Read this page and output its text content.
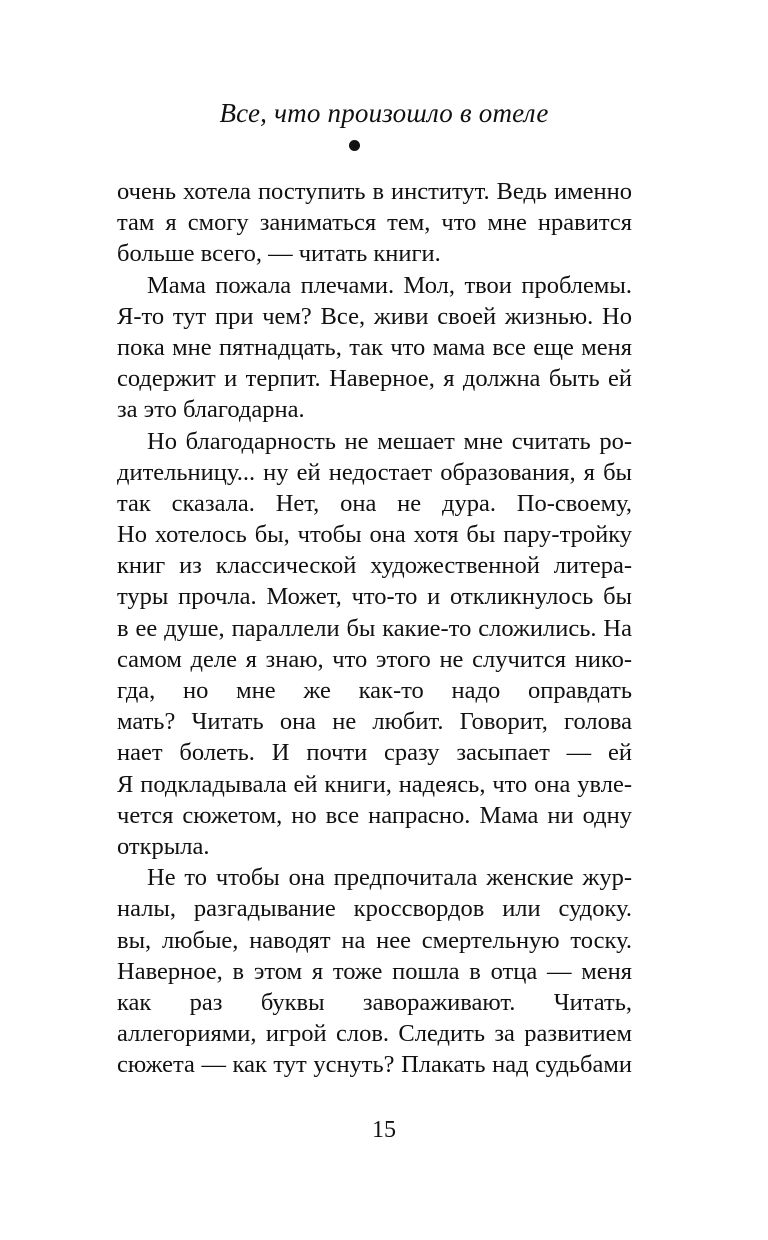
Все, что произошло в отеле
очень хотела поступить в институт. Ведь именно
там я смогу заниматься тем, что мне нравится
больше всего, — читать книги.
Мама пожала плечами. Мол, твои проблемы.
Я-то тут при чем? Все, живи своей жизнью. Но
пока мне пятнадцать, так что мама все еще меня
содержит и терпит. Наверное, я должна быть ей
за это благодарна.
Но благодарность не мешает мне считать ро-
дительницу... ну ей недостает образования, я бы
так сказала. Нет, она не дура. По-своему,
Но хотелось бы, чтобы она хотя бы пару-тройку
книг из классической художественной литера-
туры прочла. Может, что-то и откликнулось бы
в ее душе, параллели бы какие-то сложились. На
самом деле я знаю, что этого не случится нико-
гда, но мне же как-то надо оправдать
мать? Читать она не любит. Говорит, голова
нает болеть. И почти сразу засыпает — ей
Я подкладывала ей книги, надеясь, что она увле-
чется сюжетом, но все напрасно. Мама ни одну
открыла.
Не то чтобы она предпочитала женские жур-
налы, разгадывание кроссвордов или судоку.
вы, любые, наводят на нее смертельную тоску.
Наверное, в этом я тоже пошла в отца — меня
как раз буквы завораживают. Читать,
аллегориями, игрой слов. Следить за развитием
сюжета — как тут уснуть? Плакать над судьбами
15
